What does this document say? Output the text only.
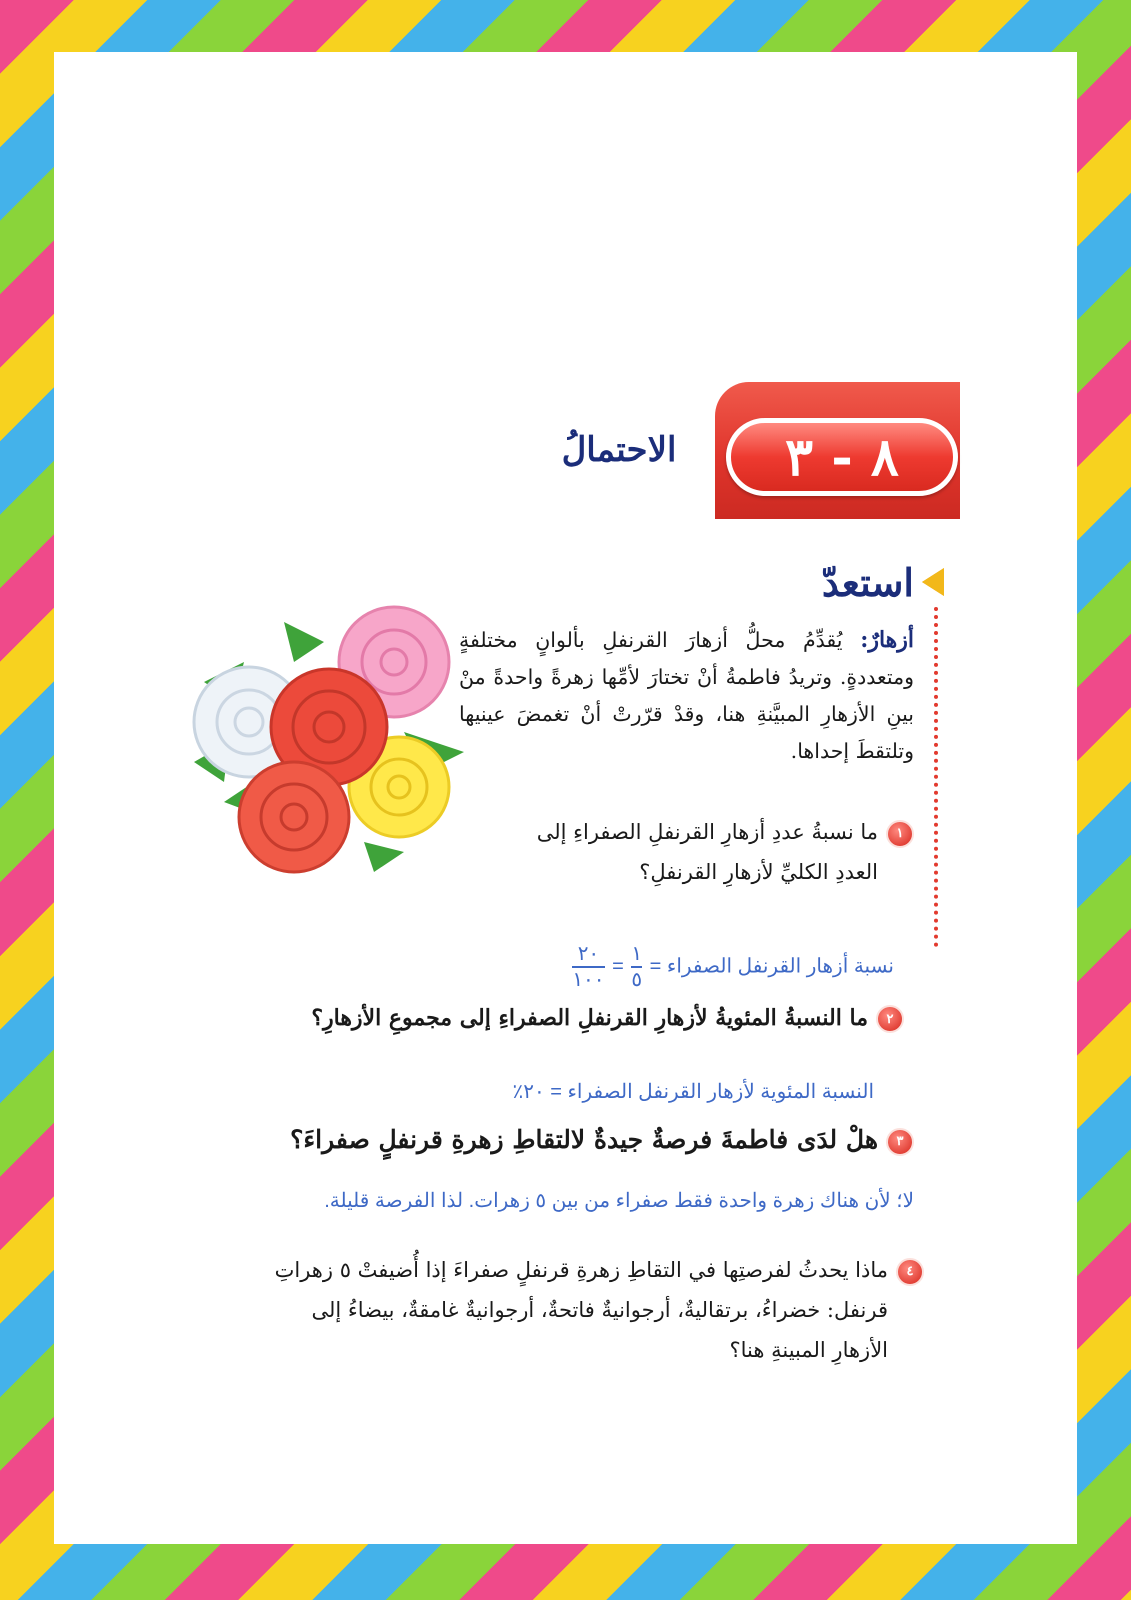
٨ - ٣
الاحتمالُ
استعدّ
أزهارٌ: يُقدِّمُ محلُّ أزهارَ القرنفلِ بألوانٍ مختلفةٍ ومتعددةٍ. وتريدُ فاطمةُ أنْ تختارَ لأمِّها زهرةً واحدةً منْ بينِ الأزهارِ المبيَّنةِ هنا، وقدْ قرّرتْ أنْ تغمضَ عينيها وتلتقطَ إحداها.
١ما نسبةُ عددِ أزهارِ القرنفلِ الصفراءِ إلى
العددِ الكليِّ لأزهارِ القرنفلِ؟
نسبة أزهار القرنفل الصفراء =
$\frac{١}{٥}$
=
$\frac{٢٠}{١٠٠}$
٢ما النسبةُ المئويةُ لأزهارِ القرنفلِ الصفراءِ إلى مجموعِ الأزهارِ؟
النسبة المئوية لأزهار القرنفل الصفراء = ٢٠٪
٣هلْ لدَى فاطمةَ فرصةٌ جيدةٌ لالتقاطِ زهرةِ قرنفلٍ صفراءَ؟
لا؛ لأن هناك زهرة واحدة فقط صفراء من بين ٥ زهرات. لذا الفرصة قليلة.
٤ماذا يحدثُ لفرصتِها في التقاطِ زهرةِ قرنفلٍ صفراءَ إذا أُضيفتْ ٥ زهراتِ
قرنفل: خضراءُ، برتقاليةٌ، أرجوانيةٌ فاتحةٌ، أرجوانيةٌ غامقةٌ، بيضاءُ إلى
الأزهارِ المبينةِ هنا؟
